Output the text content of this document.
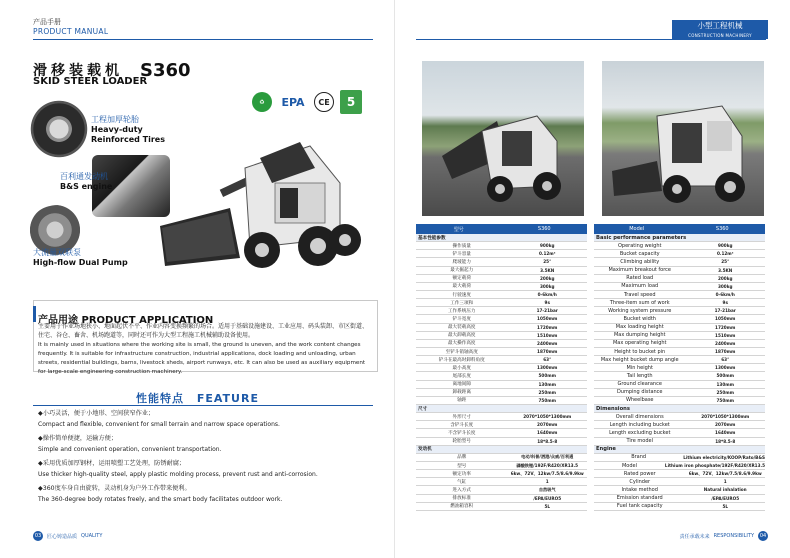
产品手册
PRODUCT MANUAL
滑移装载机 S360
SKID STEER LOADER
♻	EPA	CE	5
工程加厚轮胎
Heavy-duty
Reinforced Tires
百利通发动机
B&S engine
大流量双联泵
High-flow Dual Pump
产品用途 PRODUCT APPLICATION
主要用于作业场地狭小、地面起伏不平、作业内容变换频繁的场合。适用于基础设施建设、工业应用、码头装卸、市区街道、住宅、谷仓、畜舍、机场跑道等，同时还可作为大型工程施工机械辅助设备使用。
It is mainly used in situations where the working site is small, the ground is uneven, and the work content changes frequently. It is suitable for infrastructure construction, industrial applications, dock loading and unloading, urban streets, residential buildings, barns, livestock sheds, airport runways, etc. It can also be used as auxiliary equipment for large-scale engineering construction machinery.
性能特点 FEATURE
◆小巧灵活，便于小地形、空间狭窄作业；
Compact and flexible, convenient for small terrain and narrow space operations.
◆操作简单便捷，运输方便；
Simple and convenient operation, convenient transportation.
◆采用优质加厚钢材，运用喷塑工艺处理，防锈耐腐；
Use thicker high-quality steel, apply plastic molding process, prevent rust and anti-corrosion.
◆360度车身自由旋转，灵动机身为户外工作带来便利。
The 360-degree body rotates freely, and the smart body facilitates outdoor work.
03	匠心铸造品质 QUALITY
小型工程机械
CONSTRUCTION MACHINERY
型号	S360
基本性能参数
操作质量	900kg
铲斗容量	0.12m³
爬坡能力	25°
最大掘起力	3.5KN
额定载荷	200kg
最大载荷	300kg
行驶速度	0-6km/h
工作三项和	9s
工作系统压力	17-21bar
铲斗宽度	1050mm
最大装载高度	1720mm
最大卸载高度	1510mm
最大操作高度	2400mm
至铲斗销轴高度	1870mm
铲斗在最高时卸料角度	63°
最小高度	1300mm
尾部长度	500mm
离地间隙	130mm
卸载距离	250mm
轴距	750mm
尺寸
外形尺寸	2070*1050*1300mm
含铲斗长度	2070mm
不含铲斗长度	1640mm
轮胎型号	18*8.5-8
发动机
品牌	电动/科普/洒港/众威/百利通
型号	磷酸铁锂/192F/R420/XR13.5
额定功率	6kw、72V、12kw/7.5/8.6/9.9kw
气缸	1
进入方式	自然吸气
排放标准	/EPA/EURO5
燃油箱容积	5L
Model	S360
Basic performance parameters
Operating weight	900kg
Bucket capacity	0.12m³
Climbing ability	25°
Maximum breakout force	3.5KN
Rated load	200kg
Maximum load	300kg
Travel speed	0-6km/h
Three-item sum of work	9s
Working system pressure	17-21bar
Bucket width	1050mm
Max loading height	1720mm
Max dumping height	1510mm
Max operating height	2400mm
Height to bucket pin	1870mm
Max height bucket dump angle	63°
Min height	1300mm
Tail length	500mm
Ground clearance	130mm
Dumping distance	250mm
Wheelbase	750mm
Dimensions
Overall dimensions	2070*1050*1300mm
Length including bucket	2070mm
Length excluding bucket	1640mm
Tire model	18*8.5-8
Engine
Brand	Lithium electricity/KOOP/Rato/B&S
Model	Lithium iron phosphate/192F/R420/XR13.5
Rated power	6kw、72V、12kw/7.5/8.6/9.9kw
Cylinder	1
Intake method	Natural inhalation
Emission standard	/EPA/EURO5
Fuel tank capacity	5L
责任承载未来 RESPONSIBILITY	04
